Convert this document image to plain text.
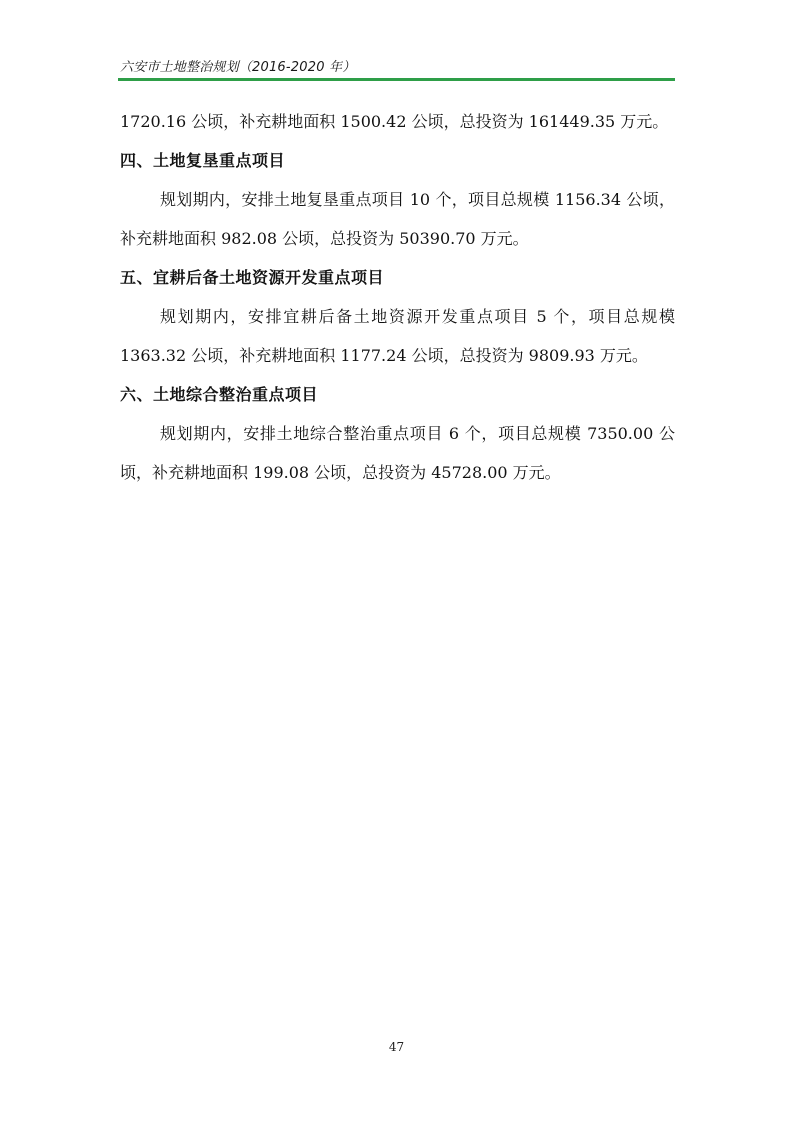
六安市土地整治规划（2016-2020 年）

1720.16 公顷，补充耕地面积 1500.42 公顷，总投资为 161449.35 万元。

四、土地复垦重点项目

规划期内，安排土地复垦重点项目 10 个，项目总规模 1156.34 公顷，补充耕地面积 982.08 公顷，总投资为 50390.70 万元。

五、宜耕后备土地资源开发重点项目

规划期内，安排宜耕后备土地资源开发重点项目 5 个，项目总规模 1363.32 公顷，补充耕地面积 1177.24 公顷，总投资为 9809.93 万元。

六、土地综合整治重点项目

规划期内，安排土地综合整治重点项目 6 个，项目总规模 7350.00 公顷，补充耕地面积 199.08 公顷，总投资为 45728.00 万元。

47
